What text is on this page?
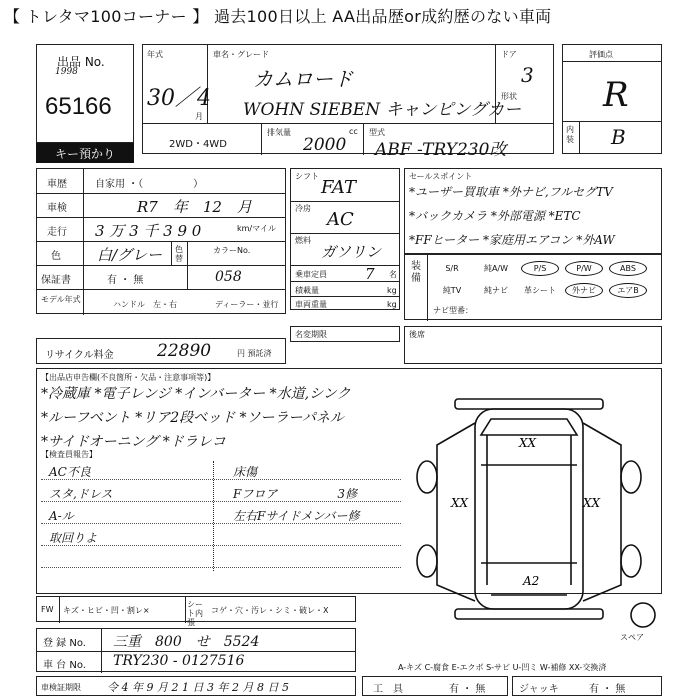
【 トレタマ100コーナー 】 過去100日以上 AA出品歴or成約歴のない車両
出品 No.
1998
65166
キー預かり
年式
30／4
月
車名・グレード
カムロード
WOHN SIEBEN キャンピングカー
ドア
3
形状
2WD・4WD
排気量
2000
cc 型式
ABF -TRY230改
評価点
R
内装 B
車歴	自家用 ・（　　　　　）
車検	R7　年　12　月
走行 3 万 3 千 3 9 0	km/マイル
色 白/グレー 色替
カラーNo.
058
保証書	有 ・ 無
モデル年式
ハンドル　左・右	ディーラー・並行
リサイクル料金	22890	円 預託済
シフト
FAT
冷房
AC
燃料
ガソリン
乗車定員	7 名
積載量	kg
車両重量	kg
名変期限
セールスポイント
*ユーザー買取車 *外ナビ,フルセグTV
*バックカメラ *外部電源 *ETC
*FFヒーター *家庭用エアコン *外AW
装備
S/R	純A/W	P/S	P/W	ABS
純TV	純ナビ	革シート	外ナビ	エアB
ナビ型番：
後席
【出品店申告欄(不良箇所・欠品・注意事項等)】
*冷蔵庫 *電子レンジ *インバーター *水道,シンク
*ルーフベント *リア2段ベッド *ソーラーパネル
*サイドオーニング *ドラレコ
【検査員報告】
AC不良	床傷
スタ,ドレス	Fフロア　　　　　3修
A-ル	左右Fサイドメンバー修
取回りよ
XX
XX	XX
A2
スペア
FW キズ・ヒビ・凹・割レ×
シート内張
コゲ・穴・汚レ・シミ・破レ・X
登 録 No. 三重　800　せ　5524
車 台 No. TRY230 - 0127516	A-キズ C-腐食 E-エクボ S-サビ U-凹ミ W-補修 XX-交換済
車検証期限 令 4 年 9 月 2 1 日 3 年 2 月 8 日 5	工　具	有 ・ 無	ジャッキ	有 ・ 無
